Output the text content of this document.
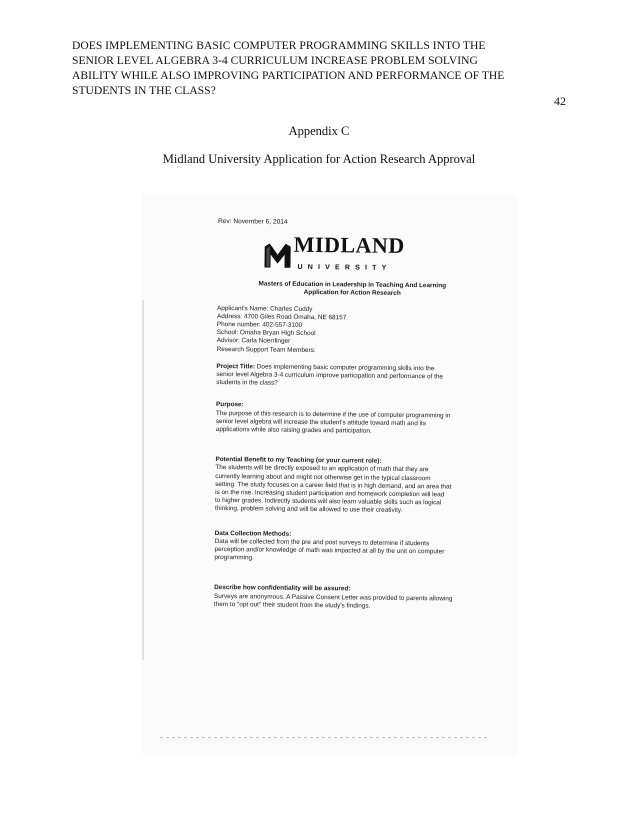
DOES IMPLEMENTING BASIC COMPUTER PROGRAMMING SKILLS INTO THE
SENIOR LEVEL ALGEBRA 3-4 CURRICULUM INCREASE PROBLEM SOLVING
ABILITY WHILE ALSO IMPROVING PARTICIPATION AND PERFORMANCE OF THE
STUDENTS IN THE CLASS?
42
Appendix C
Midland University Application for Action Research Approval
Rev: November 6, 2014
MIDLAND
UNIVERSITY
Masters of Education in Leadership in Teaching And Learning
Application for Action Research
Applicant's Name: Charles Cuddy
Address: 4700 Giles Road Omaha, NE 68157
Phone number: 402-557-3100
School: Omaha Bryan High School
Advisor: Carla Noerrlinger
Research Support Team Members:

Project Title: Does implementing basic computer programming skills into the

senior level Algebra 3-4 curriculum improve participation and performance of the

students in the class?

Purpose:

The purpose of this research is to determine if the use of computer programming in

senior level algebra will increase the student's attitude toward math and its

applications while also raising grades and participation.

Potential Benefit to my Teaching (or your current role):

The students will be directly exposed to an application of math that they are

currently learning about and might not otherwise get in the typical classroom

setting. The study focuses on a career field that is in high demand, and an area that

is on the rise. Increasing student participation and homework completion will lead

to higher grades. Indirectly students will also learn valuable skills such as logical

thinking, problem solving and will be allowed to use their creativity.

Data Collection Methods:

Data will be collected from the pre and post surveys to determine if students

perception and/or knowledge of math was impacted at all by the unit on computer

programming.

Describe how confidentiality will be assured:

Surveys are anonymous. A Passive Consent Letter was provided to parents allowing

them to "opt out" their student from the study's findings.
